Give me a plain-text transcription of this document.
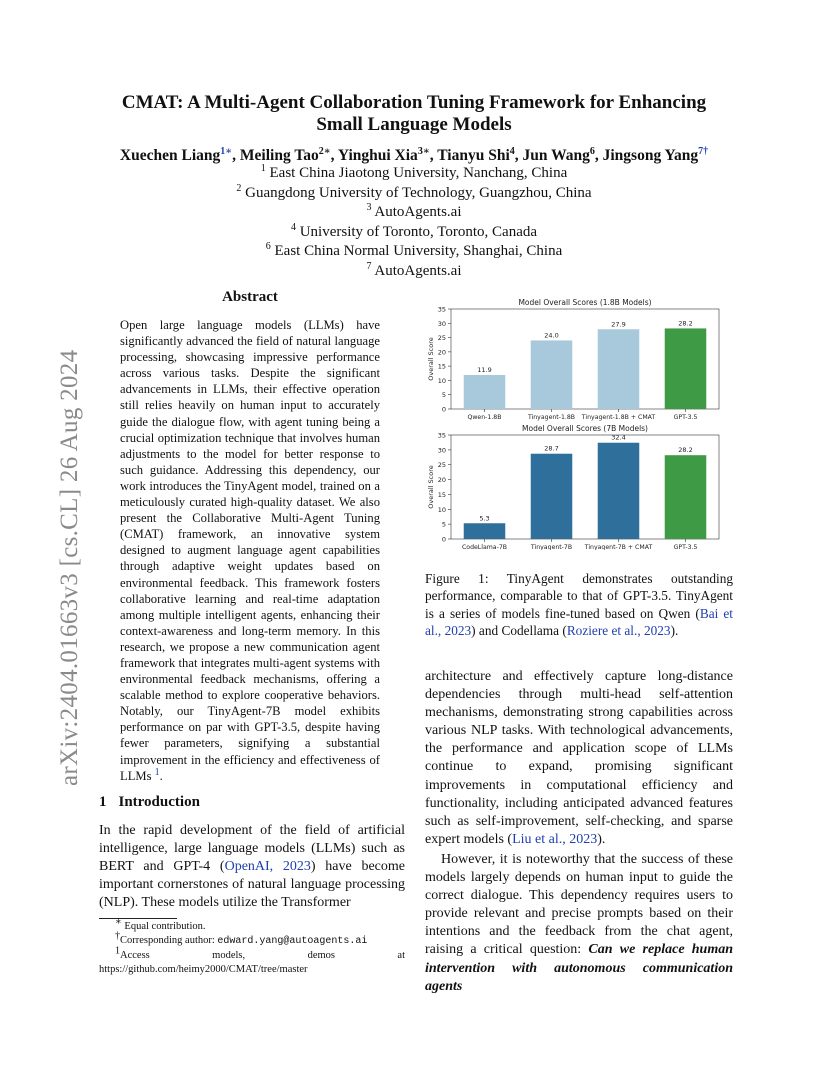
arXiv:2404.01663v3 [cs.CL] 26 Aug 2024
CMAT: A Multi-Agent Collaboration Tuning Framework for Enhancing
Small Language Models
Xuechen Liang$^{1∗}$, Meiling Tao$^{2∗}$, Yinghui Xia$^{3∗}$, Tianyu Shi$^4$, Jun Wang$^6$, Jingsong Yang$^{7\dagger}$
$^1$ East China Jiaotong University, Nanchang, China
$^2$ Guangdong University of Technology, Guangzhou, China
$^3$ AutoAgents.ai
$^4$ University of Toronto, Toronto, Canada
$^6$ East China Normal University, Shanghai, China
$^7$ AutoAgents.ai
Abstract
Open large language models (LLMs) have significantly advanced the field of natural language processing, showcasing impressive performance across various tasks. Despite the significant advancements in LLMs, their effective operation still relies heavily on human input to accurately guide the dialogue flow, with agent tuning being a crucial optimization technique that involves human adjustments to the model for better response to such guidance. Addressing this dependency, our work introduces the TinyAgent model, trained on a meticulously curated high-quality dataset. We also present the Collaborative Multi-Agent Tuning (CMAT) framework, an innovative system designed to augment language agent capabilities through adaptive weight updates based on environmental feedback. This framework fosters collaborative learning and real-time adaptation among multiple intelligent agents, enhancing their context-awareness and long-term memory. In this research, we propose a new communication agent framework that integrates multi-agent systems with environmental feedback mechanisms, offering a scalable method to explore cooperative behaviors. Notably, our TinyAgent-7B model exhibits performance on par with GPT-3.5, despite having fewer parameters, signifying a substantial improvement in the efficiency and effectiveness of LLMs $^1$.
1 Introduction
In the rapid development of the field of artificial intelligence, large language models (LLMs) such as BERT and GPT-4 (OpenAI, 2023) have become important cornerstones of natural language processing (NLP). These models utilize the Transformer
∗ Equal contribution.
†Corresponding author: edward.yang@autoagents.ai
$^1$Access	models,	demos	at
https://github.com/heimy2000/CMAT/tree/master
Model Overall Scores (1.8B Models)
0
5
10
15
20
25
30
35
Overall Score	11.9
Qwen-1.8B
24.0
Tinyagent-1.8B
27.9
Tinyagent-1.8B + CMAT
28.2
GPT-3.5
Model Overall Scores (7B Models)
0
5
10
15
20
25
30
35
Overall Score
5.3
CodeLlama-7B
28.7
Tinyagent-7B
32.4
Tinyagent-7B + CMAT
28.2
GPT-3.5
Figure 1: TinyAgent demonstrates outstanding performance, comparable to that of GPT-3.5. TinyAgent is a series of models fine-tuned based on Qwen (Bai et al., 2023) and Codellama (Roziere et al., 2023).

architecture and effectively capture long-distance dependencies through multi-head self-attention mechanisms, demonstrating strong capabilities across various NLP tasks. With technological advancements, the performance and application scope of LLMs continue to expand, promising significant improvements in computational efficiency and functionality, including anticipated advanced features such as self-improvement, self-checking, and sparse expert models (Liu et al., 2023).

However, it is noteworthy that the success of these models largely depends on human input to guide the correct dialogue. This dependency requires users to provide relevant and precise prompts based on their intentions and the feedback from the chat agent, raising a critical question: Can we replace human intervention with autonomous communication agents
